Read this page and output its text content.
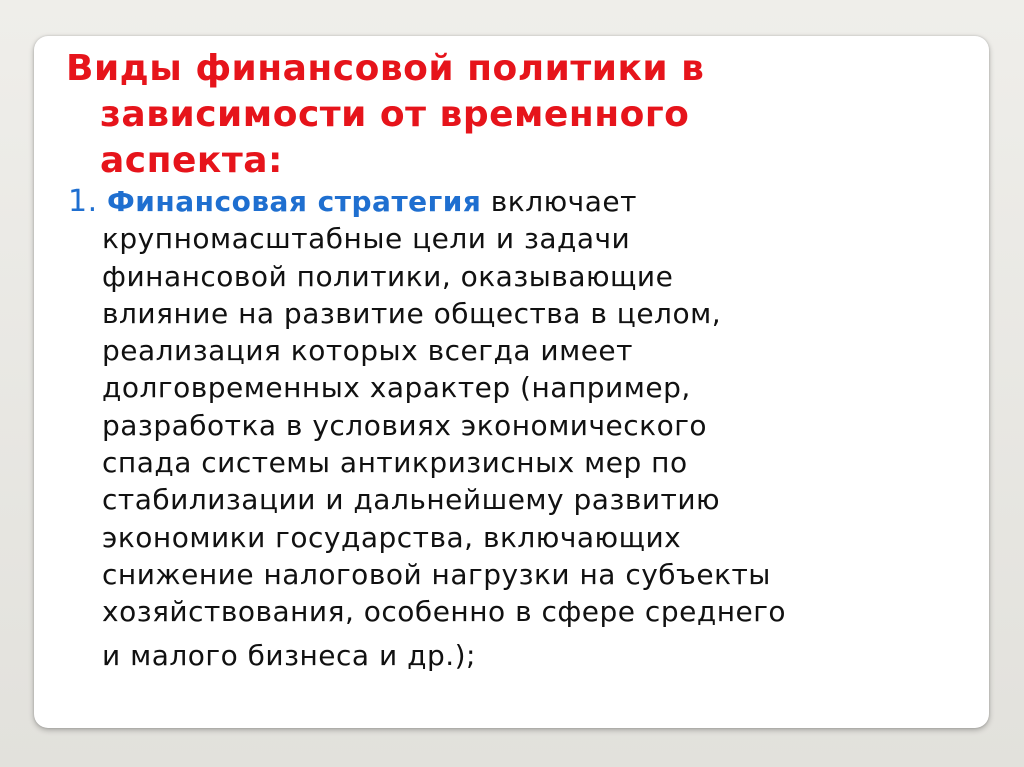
Виды финансовой политики в
зависимости от временного
аспекта:
1. Финансовая стратегия включает
крупномасштабные цели и задачи
финансовой политики, оказывающие
влияние на развитие общества в целом,
реализация которых всегда имеет
долговременных характер (например,
разработка в условиях экономического
спада системы антикризисных мер по
стабилизации и дальнейшему развитию
экономики государства, включающих
снижение налоговой нагрузки на субъекты
хозяйствования, особенно в сфере среднего
и малого бизнеса и др.);
